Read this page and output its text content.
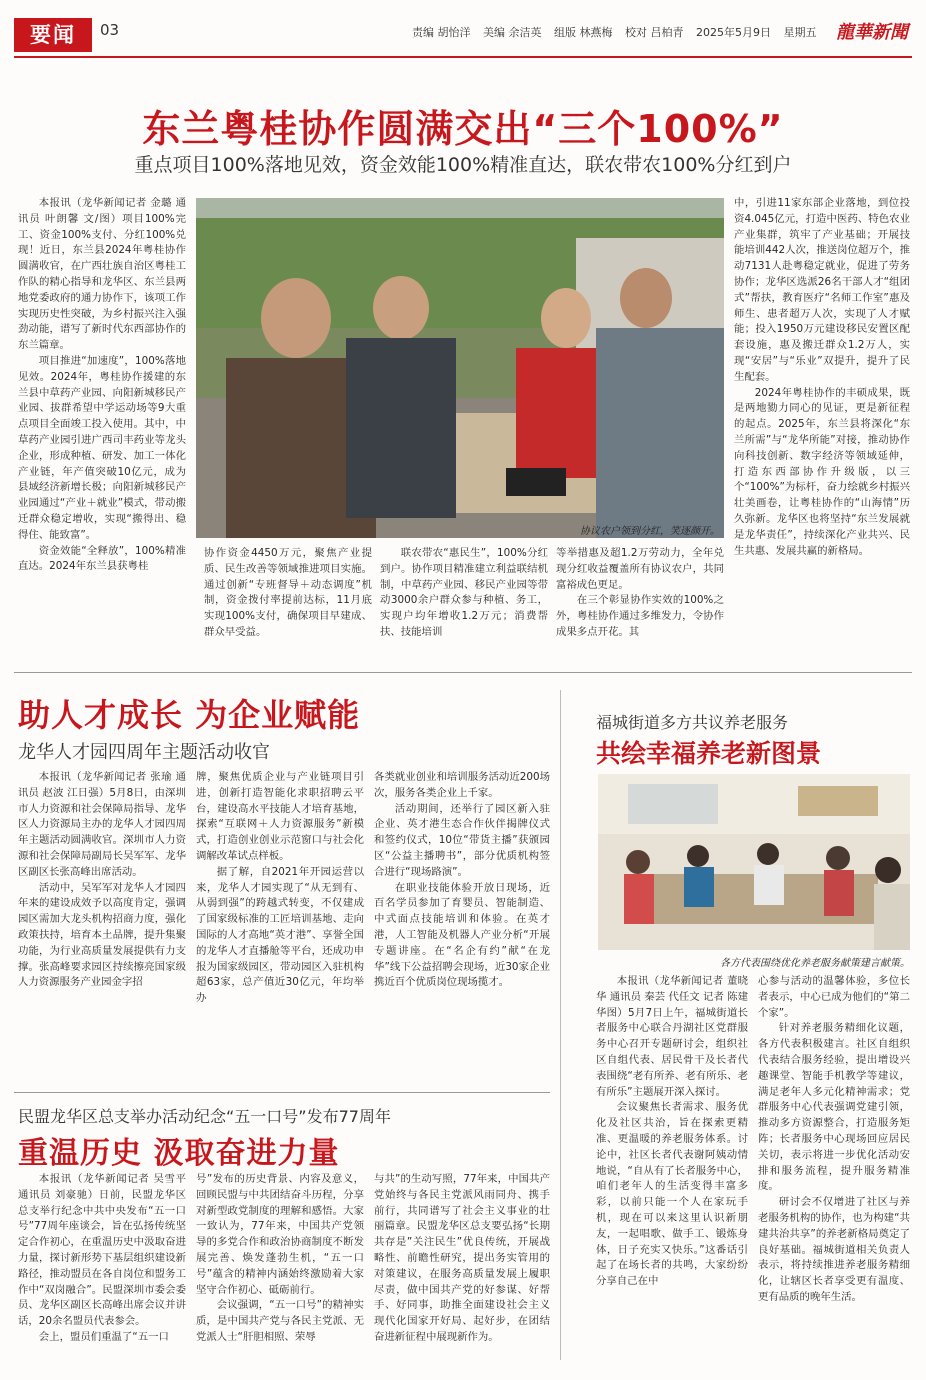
要闻	03	责编 胡怡洋 美编 余洁英 组版 林燕梅 校对 吕柏青 2025年5月9日 星期五	龍華新聞
东兰粤桂协作圆满交出“三个100%”
重点项目100%落地见效，资金效能100%精准直达，联农带农100%分红到户

本报讯（龙华新闻记者 金璐 通讯员 叶朗馨 文/图）项目100%完工、资金100%支付、分红100%兑现！近日，东兰县2024年粤桂协作圆满收官，在广西壮族自治区粤桂工作队的精心指导和龙华区、东兰县两地党委政府的通力协作下，该项工作实现历史性突破，为乡村振兴注入强劲动能，谱写了新时代东西部协作的东兰篇章。

项目推进“加速度”，100%落地见效。2024年，粤桂协作援建的东兰县中草药产业园、向阳新城移民产业园、拔群希望中学运动场等9大重点项目全面竣工投入使用。其中，中草药产业园引进广西司丰药业等龙头企业，形成种植、研发、加工一体化产业链，年产值突破10亿元，成为县域经济新增长极；向阳新城移民产业园通过“产业＋就业”模式，带动搬迁群众稳定增收，实现“搬得出、稳得住、能致富”。

资金效能“全释放”，100%精准直达。2024年东兰县获粤桂

协议农户领到分红，笑逐颜开。

协作资金4450万元，聚焦产业提质、民生改善等领域推进项目实施。通过创新“专班督导＋动态调度”机制，资金拨付率提前达标，11月底实现100%支付，确保项目早建成、群众早受益。

联农带农“惠民生”，100%分红到户。协作项目精准建立利益联结机制，中草药产业园、移民产业园等带动3000余户群众参与种植、务工，实现户均年增收1.2万元；消费帮扶、技能培训

等举措惠及超1.2万劳动力，全年兑现分红收益覆盖所有协议农户，共同富裕成色更足。

在三个彰显协作实效的100%之外，粤桂协作通过多维发力，令协作成果多点开花。其

中，引进11家东部企业落地，到位投资4.045亿元，打造中医药、特色农业产业集群，筑牢了产业基础；开展技能培训442人次，推送岗位超万个，推动7131人赴粤稳定就业，促进了劳务协作；龙华区选派26名干部人才“组团式”帮扶，教育医疗“名师工作室”惠及师生、患者超万人次，实现了人才赋能；投入1950万元建设移民安置区配套设施，惠及搬迁群众1.2万人，实现“安居”与“乐业”双提升，提升了民生配套。

2024年粤桂协作的丰硕成果，既是两地勠力同心的见证，更是新征程的起点。2025年，东兰县将深化“东兰所需”与“龙华所能”对接，推动协作向科技创新、数字经济等领域延伸，打造东西部协作升级版，以三个“100%”为标杆，奋力绘就乡村振兴壮美画卷，让粤桂协作的“山海情”历久弥新。龙华区也将坚持“东兰发展就是龙华责任”，持续深化产业共兴、民生共惠、发展共赢的新格局。

助人才成长 为企业赋能
龙华人才园四周年主题活动收官

本报讯（龙华新闻记者 张瑜 通讯员 赵波 江日强）5月8日，由深圳市人力资源和社会保障局指导、龙华区人力资源局主办的龙华人才园四周年主题活动圆满收官。深圳市人力资源和社会保障局副局长吴军军、龙华区副区长张高峰出席活动。

活动中，吴军军对龙华人才园四年来的建设成效予以高度肯定，强调园区需加大龙头机构招商力度，强化政策扶持，培育本土品牌，提升集聚功能，为行业高质量发展提供有力支撑。张高峰要求园区持续擦亮国家级人力资源服务产业园金字招

牌，聚焦优质企业与产业链项目引进，创新打造智能化求职招聘云平台，建设高水平技能人才培育基地，探索“互联网＋人力资源服务”新模式，打造创业创业示范窗口与社会化调解改革试点样板。

据了解，自2021年开园运营以来，龙华人才园实现了“从无到有、从弱到强”的跨越式转变，不仅建成了国家级标准的工匠培训基地、走向国际的人才高地“英才港”、享誉全国的龙华人才直播舱等平台，还成功申报为国家级园区，带动园区入驻机构超63家，总产值近30亿元，年均举办

各类就业创业和培训服务活动近200场次，服务各类企业上千家。

活动期间，还举行了园区新入驻企业、英才港生态合作伙伴揭牌仪式和签约仪式，10位“带货主播”获颁园区“公益主播聘书”，部分优质机构签合进行“现场路演”。

在职业技能体验开放日现场，近百名学员参加了育婴员、智能制造、中式面点技能培训和体验。在英才港，人工智能及机器人产业分析“开展专题讲座。在“名企有约”献“在龙华”线下公益招聘会现场，近30家企业携近百个优质岗位现场揽才。

福城街道多方共议养老服务
共绘幸福养老新图景
各方代表围绕优化养老服务献策建言献策。

本报讯（龙华新闻记者 董晓华 通讯员 秦芸 代任文 记者 陈建华图）5月7日上午，福城街道长者服务中心联合丹湖社区党群服务中心召开专题研讨会，组织社区自组代表、居民骨干及长者代表围绕“老有所养、老有所乐、老有所乐”主题展开深入探讨。

会议聚焦长者需求、服务优化及社区共治，旨在探索更精准、更温暖的养老服务体系。讨论中，社区长者代表谢阿姨动情地说，“自从有了长者服务中心，咱们老年人的生活变得丰富多彩，以前只能一个人在家玩手机，现在可以来这里认识新朋友，一起唱歌、做手工、锻炼身体，日子充实又快乐。”这番话引起了在场长者的共鸣，大家纷纷分享自己在中

心参与活动的温馨体验，多位长者表示，中心已成为他们的“第二个家”。

针对养老服务精细化议题，各方代表积极建言。社区自组织代表结合服务经验，提出增设兴趣课堂、智能手机教学等建议，满足老年人多元化精神需求；党群服务中心代表强调党建引领，推动多方资源整合，打造服务矩阵；长者服务中心现场回应居民关切，表示将进一步优化活动安排和服务流程，提升服务精准度。

研讨会不仅增进了社区与养老服务机构的协作，也为构建“共建共治共享”的养老新格局奠定了良好基础。福城街道相关负责人表示，将持续推进养老服务精细化，让辖区长者享受更有温度、更有品质的晚年生活。

民盟龙华区总支举办活动纪念“五一口号”发布77周年
重温历史 汲取奋进力量

本报讯（龙华新闻记者 吴雪平 通讯员 刘豪驰）日前，民盟龙华区总支举行纪念中共中央发布“五一口号”77周年座谈会，旨在弘扬传统坚定合作初心，在重温历史中汲取奋进力量，探讨新形势下基层组织建设新路径，推动盟员在各自岗位和盟务工作中“双岗融合”。民盟深圳市委会委员、龙华区副区长高峰出席会议并讲话，20余名盟员代表参会。

会上，盟员们重温了“五一口

号”发布的历史背景、内容及意义，回顾民盟与中共团结奋斗历程，分享对新型政党制度的理解和感悟。大家一致认为，77年来，中国共产党领导的多党合作和政治协商制度不断发展完善、焕发蓬勃生机，“五一口号”蕴含的精神内涵始终激励着大家坚守合作初心、砥砺前行。

会议强调，“五一口号”的精神实质，是中国共产党与各民主党派、无党派人士“肝胆相照、荣辱

与共”的生动写照，77年来，中国共产党始终与各民主党派风雨同舟、携手前行，共同谱写了社会主义事业的壮丽篇章。民盟龙华区总支要弘扬“长期共存是”关注民生”优良传统，开展战略性、前瞻性研究，提出务实管用的对策建议，在服务高质量发展上履职尽责，做中国共产党的好参谋、好帮手、好同事，助推全面建设社会主义现代化国家开好局、起好步，在团结奋进新征程中展现新作为。
